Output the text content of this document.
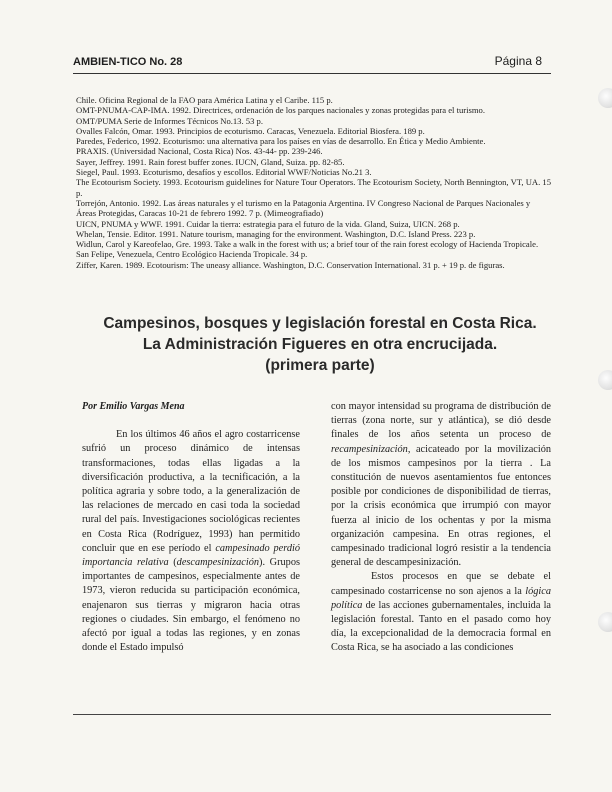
AMBIEN-TICO No. 28	Página 8

Chile. Oficina Regional de la FAO para América Latina y el Caribe. 115 p.

OMT-PNUMA-CAP-IMA. 1992. Directrices, ordenación de los parques nacionales y zonas protegidas para el turismo.

OMT/PUMA Serie de Informes Técnicos No.13. 53 p.

Ovalles Falcón, Omar. 1993. Principios de ecoturismo. Caracas, Venezuela. Editorial Biosfera. 189 p.

Paredes, Federico, 1992. Ecoturismo: una alternativa para los países en vías de desarrollo. En Ética y Medio Ambiente.

PRAXIS. (Universidad Nacional, Costa Rica) Nos. 43-44- pp. 239-246.

Sayer, Jeffrey. 1991. Rain forest buffer zones. IUCN, Gland, Suiza. pp. 82-85.

Siegel, Paul. 1993. Ecoturismo, desafíos y escollos. Editorial WWF/Noticias No.21 3.

The Ecotourism Society. 1993. Ecotourism guidelines for Nature Tour Operators. The Ecotourism Society, North Bennington, VT, UA. 15 p.

Torrejón, Antonio. 1992. Las áreas naturales y el turismo en la Patagonia Argentina. IV Congreso Nacional de Parques Nacionales y Áreas Protegidas, Caracas 10-21 de febrero 1992. 7 p. (Mimeografiado)

UICN, PNUMA y WWF. 1991. Cuidar la tierra: estrategia para el futuro de la vida. Gland, Suiza, UICN. 268 p.

Whelan, Tensie. Editor. 1991. Nature tourism, managing for the environment. Washington, D.C. Island Press. 223 p.

Widlun, Carol y Kareofelao, Gre. 1993. Take a walk in the forest with us; a brief tour of the rain forest ecology of Hacienda Tropicale. San Felipe, Venezuela, Centro Ecológico Hacienda Tropicale. 34 p.

Ziffer, Karen. 1989. Ecotourism: The uneasy alliance. Washington, D.C. Conservation International. 31 p. + 19 p. de figuras.

Campesinos, bosques y legislación forestal en Costa Rica.
La Administración Figueres en otra encrucijada.
(primera parte)

Por Emilio Vargas Mena

En los últimos 46 años el agro costarricense sufrió un proceso dinámico de intensas transformaciones, todas ellas ligadas a la diversificación productiva, a la tecnificación, a la política agraria y sobre todo, a la generalización de las relaciones de mercado en casi toda la sociedad rural del país. Investigaciones sociológicas recientes en Costa Rica (Rodríguez, 1993) han permitido concluir que en ese período el campesinado perdió importancia relativa (descampesinización). Grupos importantes de campesinos, especialmente antes de 1973, vieron reducida su participación económica, enajenaron sus tierras y migraron hacia otras regiones o ciudades. Sin embargo, el fenómeno no afectó por igual a todas las regiones, y en zonas donde el Estado impulsó

con mayor intensidad su programa de distribución de tierras (zona norte, sur y atlántica), se dió desde finales de los años setenta un proceso de recampesinización, acicateado por la movilización de los mismos campesinos por la tierra . La constitución de nuevos asentamientos fue entonces posible por condiciones de disponibilidad de tierras, por la crisis económica que irrumpió con mayor fuerza al inicio de los ochentas y por la misma organización campesina. En otras regiones, el campesinado tradicional logró resistir a la tendencia general de descampesinización.

Estos procesos en que se debate el campesinado costarricense no son ajenos a la lógica política de las acciones gubernamentales, incluida la legislación forestal. Tanto en el pasado como hoy día, la excepcionalidad de la democracia formal en Costa Rica, se ha asociado a las condiciones
